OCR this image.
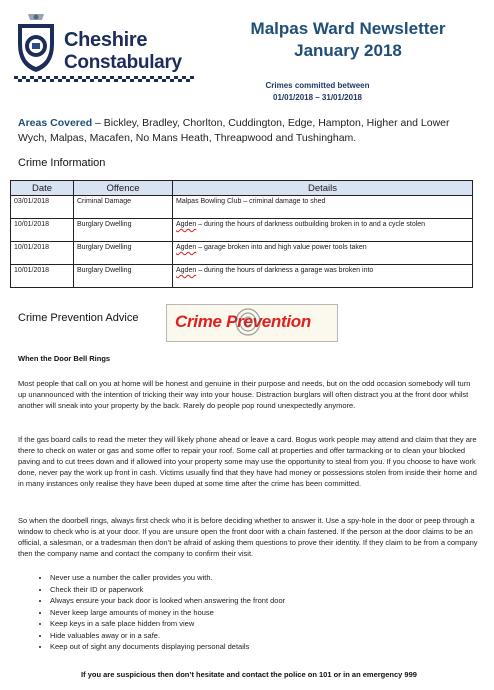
Cheshire
Constabulary
Malpas Ward Newsletter
January 2018
Crimes committed between
01/01/2018 – 31/01/2018
Areas Covered – Bickley, Bradley, Chorlton, Cuddington, Edge, Hampton, Higher and Lower Wych, Malpas, Macafen, No Mans Heath, Threapwood and Tushingham.
Crime Information
Date	Offence	Details
03/01/2018	Criminal Damage	Malpas Bowling Club – criminal damage to shed
10/01/2018	Burglary Dwelling	Agden – during the hours of darkness outbuilding broken in to and a cycle stolen
10/01/2018	Burglary Dwelling	Agden – garage broken into and high value power tools taken
10/01/2018	Burglary Dwelling	Agden – during the hours of darkness a garage was broken into
Crime Prevention Advice Crime Prevention
When the Door Bell Rings
Most people that call on you at home will be honest and genuine in their purpose and needs, but on the odd occasion somebody will turn up unannounced with the intention of tricking their way into your house. Distraction burglars will often distract you at the front door whilst another will sneak into your property by the back. Rarely do people pop round unexpectedly anymore.
If the gas board calls to read the meter they will likely phone ahead or leave a card. Bogus work people may attend and claim that they are there to check on water or gas and some offer to repair your roof. Some call at properties and offer tarmacking or to clean your blocked paving and to cut trees down and if allowed into your property some may use the opportunity to steal from you. If you choose to have work done, never pay the work up front in cash. Victims usually find that they have had money or possessions stolen from inside their home and in many instances only realise they have been duped at some time after the crime has been committed.
So when the doorbell rings, always first check who it is before deciding whether to answer it. Use a spy-hole in the door or peep through a window to check who is at your door. If you are unsure open the front door with a chain fastened. If the person at the door claims to be an official, a salesman, or a tradesman then don’t be afraid of asking them questions to prove their identity. If they claim to be from a company then the company name and contact the company to confirm their visit.
• Never use a number the caller provides you with.
• Check their ID or paperwork
• Always ensure your back door is looked when answering the front door
• Never keep large amounts of money in the house
• Keep keys in a safe place hidden from view
• Hide valuables away or in a safe.
• Keep out of sight any documents displaying personal details
If you are suspicious then don’t hesitate and contact the police on 101 or in an emergency 999
